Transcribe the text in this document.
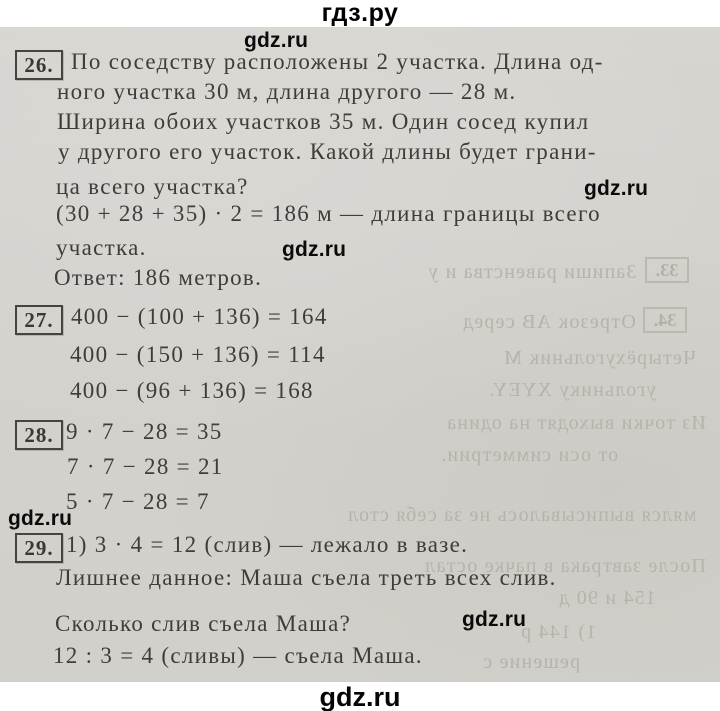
гдз.ру
33.
Запиши равенства и у
34.
Отрезок АВ серед
Четырёхугольник М
угольнику XYEY.
Из точки выходят на одина
от оси симметрии.
мялся выписывалось не за себя стол
После завтрака в пачке остал
154 и 90 д
1) 144 р
решение с
gdz.ru
gdz.ru
gdz.ru
gdz.ru
gdz.ru
26. По соседству расположены 2 участка. Длина од-
ного участка 30 м, длина другого — 28 м.
Ширина обоих участков 35 м. Один сосед купил
у другого его участок. Какой длины будет грани-
ца всего участка?
(30 + 28 + 35) · 2 = 186 м — длина границы всего
участка.
Ответ: 186 метров.
27. 400 − (100 + 136) = 164
400 − (150 + 136) = 114
400 − (96 + 136) = 168
28. 9 · 7 − 28 = 35
7 · 7 − 28 = 21
5 · 7 − 28 = 7
29. 1) 3 · 4 = 12 (слив) — лежало в вазе.
Лишнее данное: Маша съела треть всех слив.
Сколько слив съела Маша?
12 : 3 = 4 (сливы) — съела Маша.
gdz.ru
